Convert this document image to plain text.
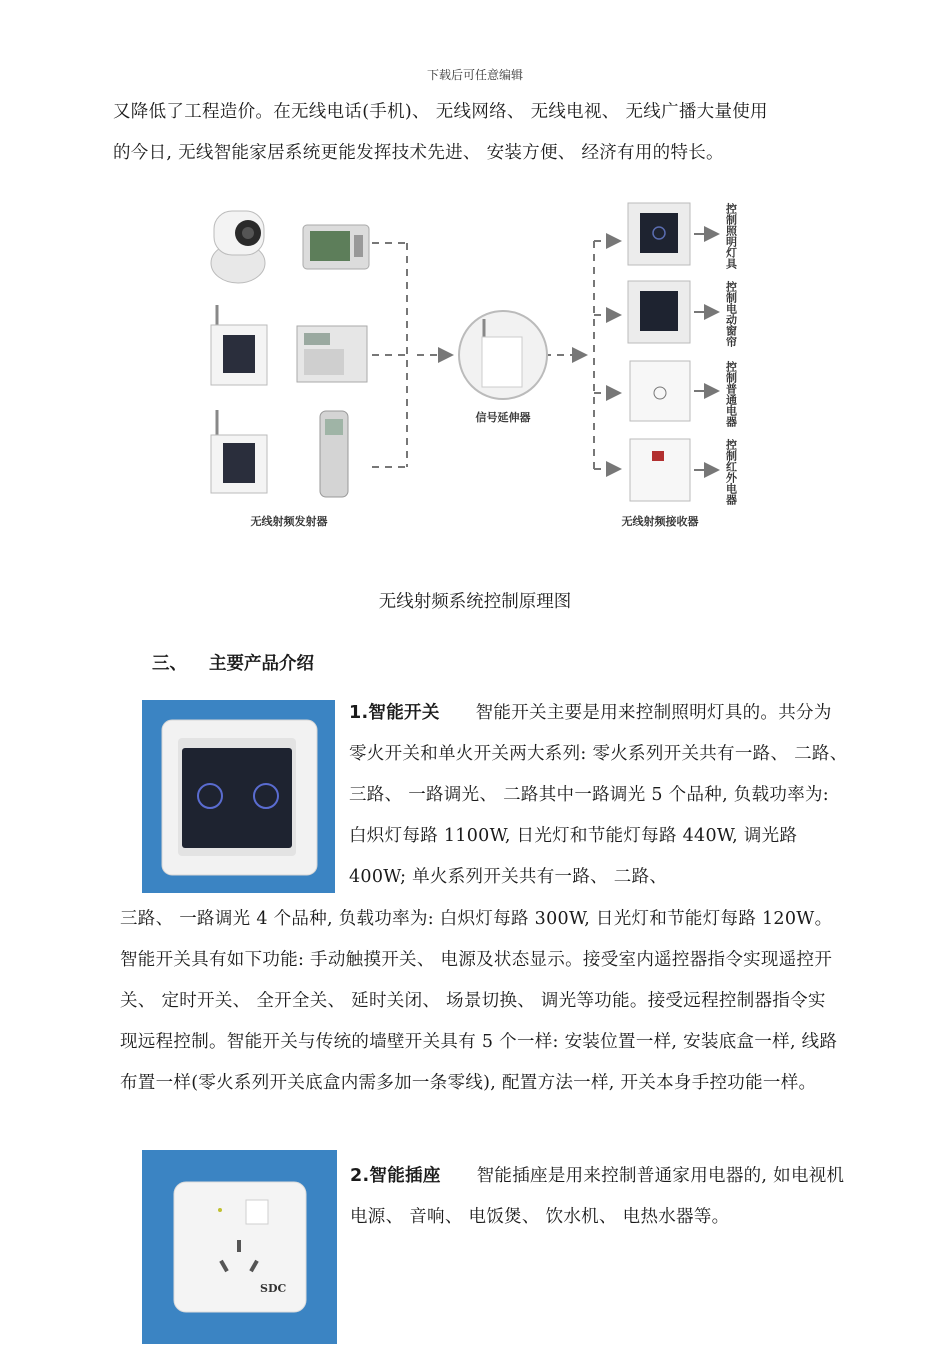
下载后可任意编辑
又降低了工程造价。在无线电话(手机)、 无线网络、 无线电视、 无线广播大量使用
的今日, 无线智能家居系统更能发挥技术先进、 安装方便、 经济有用的特长。
无线射频发射器
信号延伸器
无线射频接收器
控制照明灯具
控制电动窗帘
控制普通电器
控制红外电器
无线射频系统控制原理图
三、 主要产品介绍
1.智能开关 智能开关主要是用来控制照明灯具的。共分为零火开关和单火开关两大系列: 零火系列开关共有一路、 二路、 三路、 一路调光、 二路其中一路调光 5 个品种, 负载功率为: 白炽灯每路 1100W, 日光灯和节能灯每路 440W, 调光路 400W; 单火系列开关共有一路、 二路、
三路、 一路调光 4 个品种, 负载功率为: 白炽灯每路 300W, 日光灯和节能灯每路 120W。智能开关具有如下功能: 手动触摸开关、 电源及状态显示。接受室内遥控器指令实现遥控开关、 定时开关、 全开全关、 延时关闭、 场景切换、 调光等功能。接受远程控制器指令实 现远程控制。智能开关与传统的墙壁开关具有 5 个一样: 安装位置一样, 安装底盒一样, 线路布置一样(零火系列开关底盒内需多加一条零线), 配置方法一样, 开关本身手控功能一样。
SDC
2.智能插座 智能插座是用来控制普通家用电器的, 如电视机电源、 音响、 电饭煲、 饮水机、 电热水器等。
